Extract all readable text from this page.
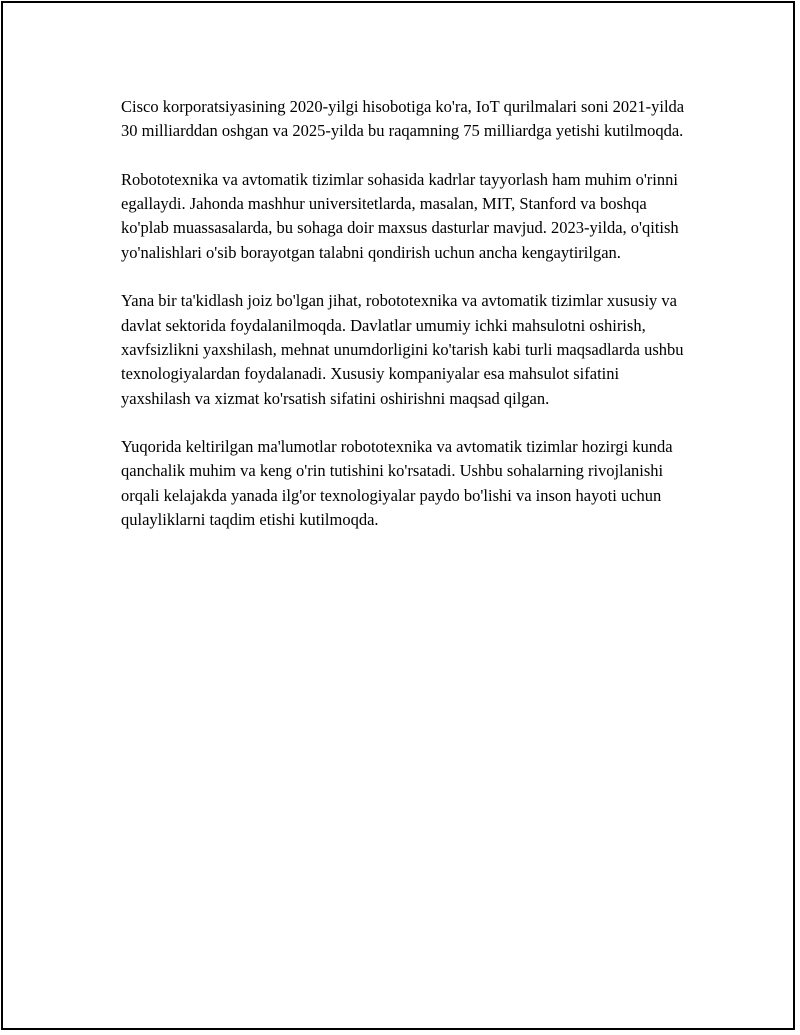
Cisco korporatsiyasining 2020-yilgi hisobotiga ko'ra, IoT qurilmalari soni 2021-yilda 30 milliarddan oshgan va 2025-yilda bu raqamning 75 milliardga yetishi kutilmoqda.

Robototexnika va avtomatik tizimlar sohasida kadrlar tayyorlash ham muhim o'rinni egallaydi. Jahonda mashhur universitetlarda, masalan, MIT, Stanford va boshqa ko'plab muassasalarda, bu sohaga doir maxsus dasturlar mavjud. 2023-yilda, o'qitish yo'nalishlari o'sib borayotgan talabni qondirish uchun ancha kengaytirilgan.

Yana bir ta'kidlash joiz bo'lgan jihat, robototexnika va avtomatik tizimlar xususiy va davlat sektorida foydalanilmoqda. Davlatlar umumiy ichki mahsulotni oshirish, xavfsizlikni yaxshilash, mehnat unumdorligini ko'tarish kabi turli maqsadlarda ushbu texnologiyalardan foydalanadi. Xususiy kompaniyalar esa mahsulot sifatini yaxshilash va xizmat ko'rsatish sifatini oshirishni maqsad qilgan.

Yuqorida keltirilgan ma'lumotlar robototexnika va avtomatik tizimlar hozirgi kunda qanchalik muhim va keng o'rin tutishini ko'rsatadi. Ushbu sohalarning rivojlanishi orqali kelajakda yanada ilg'or texnologiyalar paydo bo'lishi va inson hayoti uchun qulayliklarni taqdim etishi kutilmoqda.
